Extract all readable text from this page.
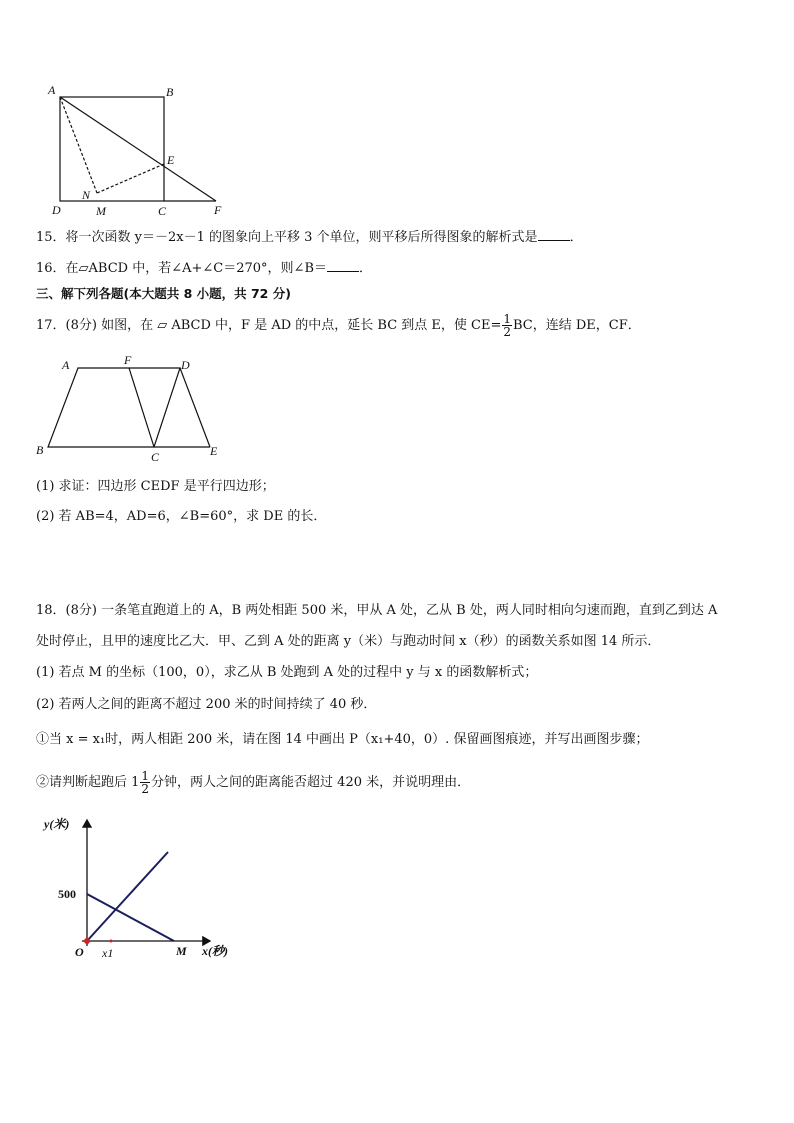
A	B
E
N
D	M	C	F
15．将一次函数 y＝－2x－1 的图象向上平移 3 个单位，则平移后所得图象的解析式是 ．
16．在▱ABCD 中，若∠A+∠C＝270°，则∠B＝ ．
三、解下列各题(本大题共 8 小题，共 72 分)
17．(8分) 如图，在 ▱ ABCD 中，F 是 AD 的中点，延长 BC 到点 E，使 $CE= \frac{1}{2}$ BC，连结 DE，CF．
A	F	D
B	C	E
(1) 求证：四边形 CEDF 是平行四边形；
(2) 若 AB=4，AD=6，∠B=60°，求 DE 的长．
18．(8分) 一条笔直跑道上的 A，B 两处相距 500 米，甲从 A 处，乙从 B 处，两人同时相向匀速而跑，直到乙到达 A
处时停止，且甲的速度比乙大．甲、乙到 A 处的距离 y（米）与跑动时间 x（秒）的函数关系如图 14 所示．
(1) 若点 M 的坐标（100，0），求乙从 B 处跑到 A 处的过程中 y 与 x 的函数解析式；
(2) 若两人之间的距离不超过 200 米的时间持续了 40 秒．
①当 x = x₁时，两人相距 200 米，请在图 14 中画出 P（x₁+40，0）. 保留画图痕迹，并写出画图步骤；
②请判断起跑后 $1 \frac{1}{2}$ 分钟，两人之间的距离能否超过 420 米，并说明理由．
y(米)
500
O x1	M x(秒)
